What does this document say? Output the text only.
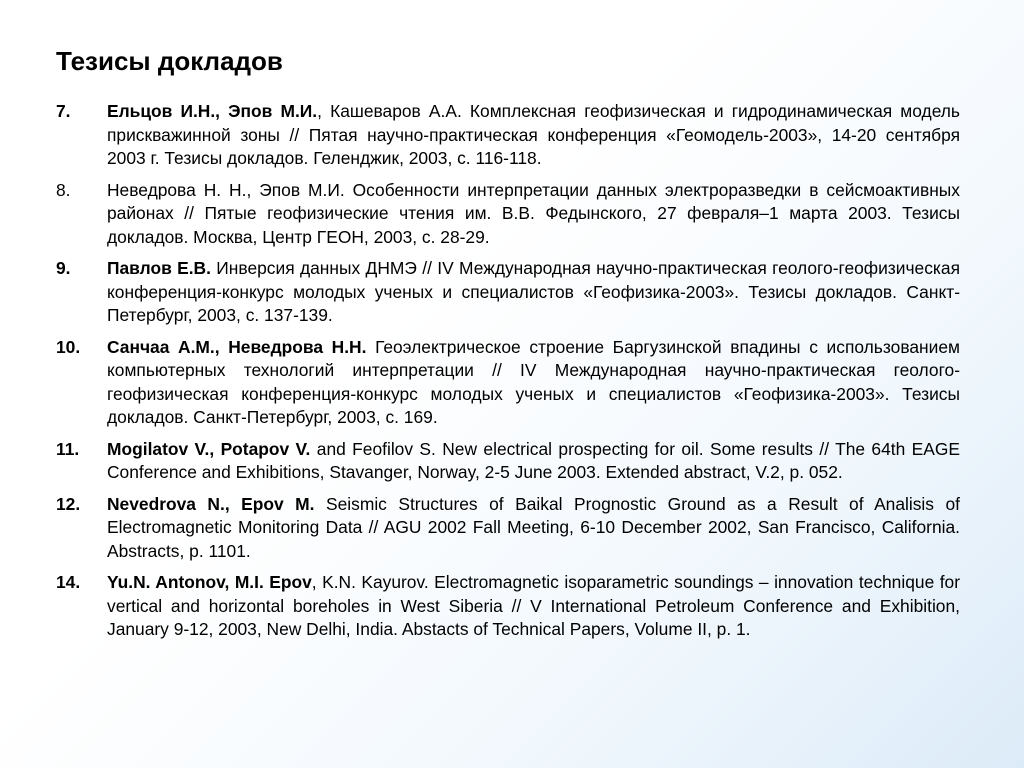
Тезисы докладов
7.	Ельцов И.Н., Эпов М.И., Кашеваров А.А. Комплексная геофизическая и гидродинамическая модель прискважинной зоны // Пятая научно-практическая конференция «Геомодель-2003», 14-20 сентября 2003 г. Тезисы докладов. Геленджик, 2003, с. 116-118.
8.	Неведрова Н. Н., Эпов М.И. Особенности интерпретации данных электроразведки в сейсмоактивных районах // Пятые геофизические чтения им. В.В. Федынского, 27 февраля–1 марта 2003. Тезисы докладов. Москва, Центр ГЕОН, 2003, с. 28-29.
9.	Павлов Е.В. Инверсия данных ДНМЭ // IV Международная научно-практическая геолого-геофизическая конференция-конкурс молодых ученых и специалистов «Геофизика-2003». Тезисы докладов. Санкт-Петербург, 2003, с. 137-139.
10.	Санчаа А.М., Неведрова Н.Н. Геоэлектрическое строение Баргузинской впадины с использованием компьютерных технологий интерпретации // IV Международная научно-практическая геолого-геофизическая конференция-конкурс молодых ученых и специалистов «Геофизика-2003». Тезисы докладов. Санкт-Петербург, 2003, с. 169.
11.	Mogilatov V., Potapov V. and Feofilov S. New electrical prospecting for oil. Some results // The 64th EAGE Conference and Exhibitions, Stavanger, Norway, 2-5 June 2003. Extended abstract, V.2, p. 052.
12.	Nevedrova N., Epov M. Seismic Structures of Baikal Prognostic Ground as a Result of Analisis of Electromagnetic Monitoring Data // AGU 2002 Fall Meeting, 6-10 December 2002, San Francisco, California. Abstracts, p. 1101.
14.	Yu.N. Antonov, M.I. Epov, K.N. Kayurov. Electromagnetic isoparametric soundings – innovation technique for vertical and horizontal boreholes in West Siberia // V International Petroleum Conference and Exhibition, January 9-12, 2003, New Delhi, India. Abstacts of Technical Papers, Volume II, p. 1.
